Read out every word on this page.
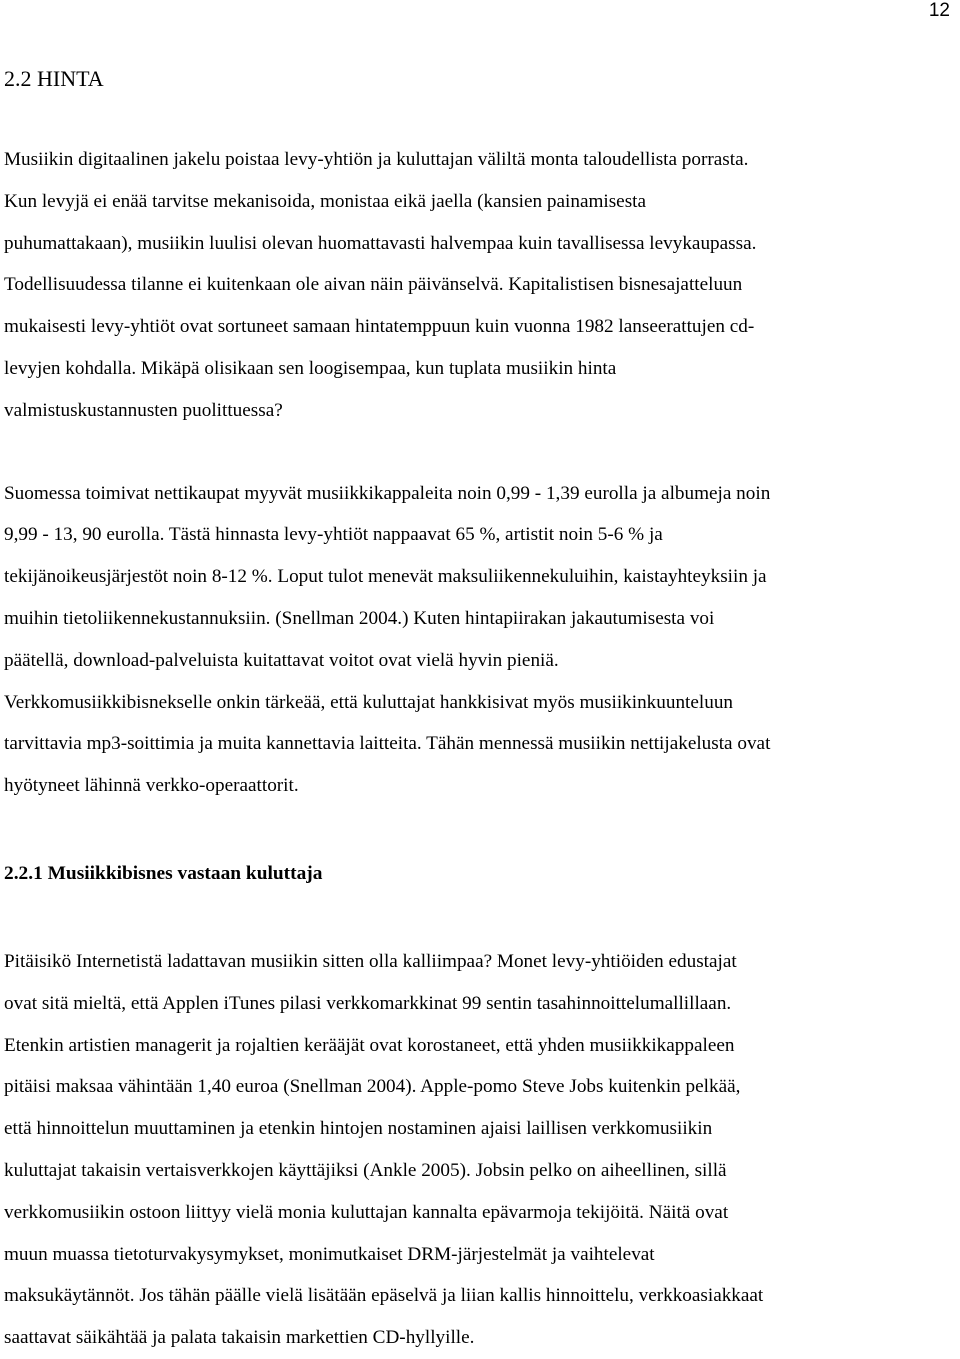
12
2.2 HINTA

Musiikin digitaalinen jakelu poistaa levy-yhtiön ja kuluttajan väliltä monta taloudellista porrasta.
Kun levyjä ei enää tarvitse mekanisoida, monistaa eikä jaella (kansien painamisesta
puhumattakaan), musiikin luulisi olevan huomattavasti halvempaa kuin tavallisessa levykaupassa.
Todellisuudessa tilanne ei kuitenkaan ole aivan näin päivänselvä. Kapitalistisen bisnesajatteluun
mukaisesti levy-yhtiöt ovat sortuneet samaan hintatemppuun kuin vuonna 1982 lanseerattujen cd-
levyjen kohdalla. Mikäpä olisikaan sen loogisempaa, kun tuplata musiikin hinta
valmistuskustannusten puolittuessa?

Suomessa toimivat nettikaupat myyvät musiikkikappaleita noin 0,99 - 1,39 eurolla ja albumeja noin
9,99 - 13, 90 eurolla. Tästä hinnasta levy-yhtiöt nappaavat 65 %, artistit noin 5-6 % ja
tekijänoikeusjärjestöt noin 8-12 %. Loput tulot menevät maksuliikennekuluihin, kaistayhteyksiin ja
muihin tietoliikennekustannuksiin. (Snellman 2004.) Kuten hintapiirakan jakautumisesta voi
päätellä, download-palveluista kuitattavat voitot ovat vielä hyvin pieniä.
Verkkomusiikkibisnekselle onkin tärkeää, että kuluttajat hankkisivat myös musiikinkuunteluun
tarvittavia mp3-soittimia ja muita kannettavia laitteita. Tähän mennessä musiikin nettijakelusta ovat
hyötyneet lähinnä verkko-operaattorit.

2.2.1 Musiikkibisnes vastaan kuluttaja

Pitäisikö Internetistä ladattavan musiikin sitten olla kalliimpaa? Monet levy-yhtiöiden edustajat
ovat sitä mieltä, että Applen iTunes pilasi verkkomarkkinat 99 sentin tasahinnoittelumallillaan.
Etenkin artistien managerit ja rojaltien kerääjät ovat korostaneet, että yhden musiikkikappaleen
pitäisi maksaa vähintään 1,40 euroa (Snellman 2004). Apple-pomo Steve Jobs kuitenkin pelkää,
että hinnoittelun muuttaminen ja etenkin hintojen nostaminen ajaisi laillisen verkkomusiikin
kuluttajat takaisin vertaisverkkojen käyttäjiksi (Ankle 2005). Jobsin pelko on aiheellinen, sillä
verkkomusiikin ostoon liittyy vielä monia kuluttajan kannalta epävarmoja tekijöitä. Näitä ovat
muun muassa tietoturvakysymykset, monimutkaiset DRM-järjestelmät ja vaihtelevat
maksukäytännöt. Jos tähän päälle vielä lisätään epäselvä ja liian kallis hinnoittelu, verkkoasiakkaat
saattavat säikähtää ja palata takaisin markettien CD-hyllyille.
